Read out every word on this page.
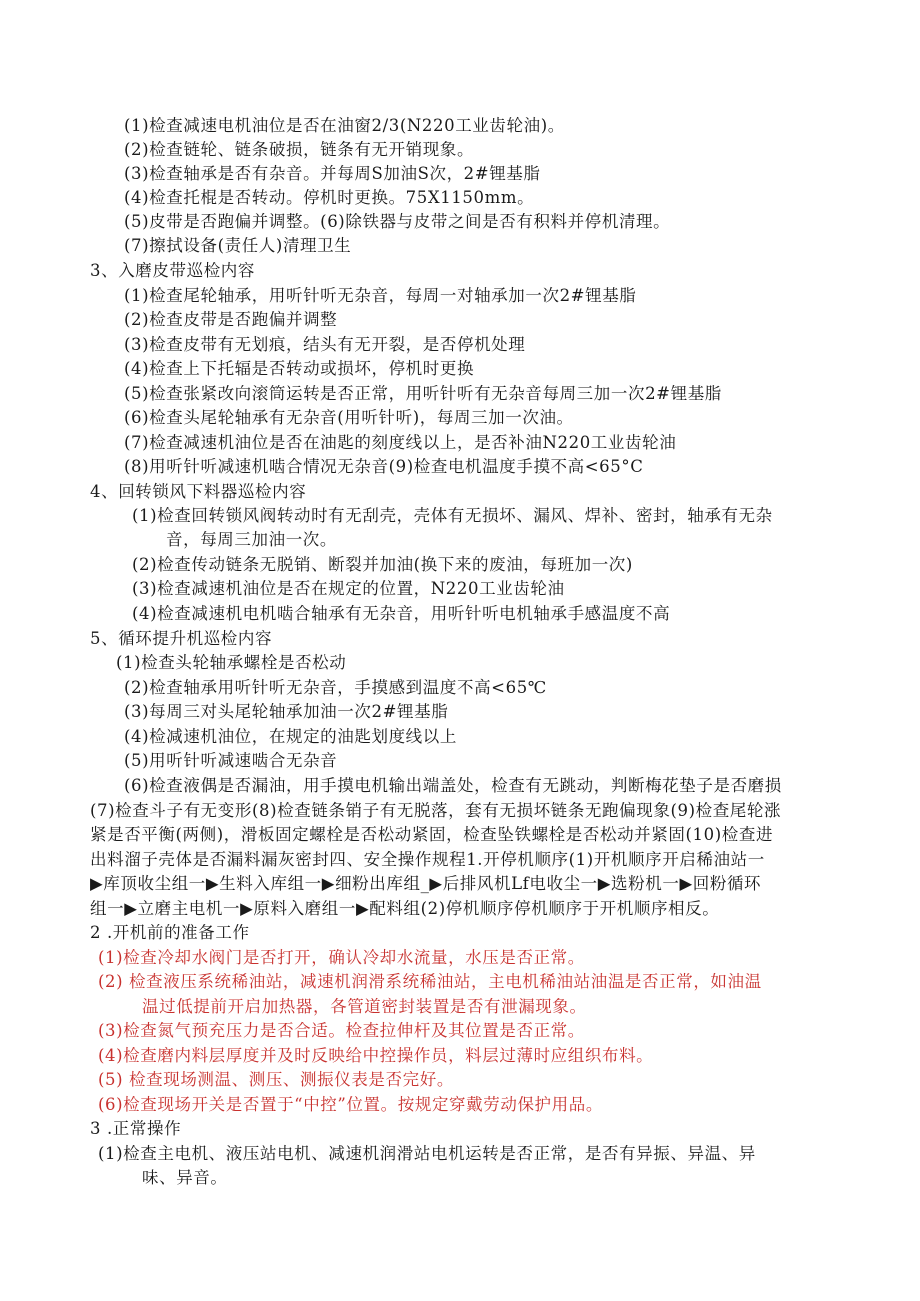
(1)检查减速电机油位是否在油窗2/3(N220工业齿轮油)。
(2)检查链轮、链条破损，链条有无开销现象。
(3)检查轴承是否有杂音。并每周S加油S次，2#锂基脂
(4)检查托棍是否转动。停机时更换。75X1150mm。
(5)皮带是否跑偏并调整。(6)除铁器与皮带之间是否有积料并停机清理。
(7)擦拭设备(责任人)清理卫生
3、入磨皮带巡检内容
(1)检查尾轮轴承，用听针听无杂音，每周一对轴承加一次2#锂基脂
(2)检查皮带是否跑偏并调整
(3)检查皮带有无划痕，结头有无开裂，是否停机处理
(4)检查上下托辐是否转动或损坏，停机时更换
(5)检查张紧改向滚筒运转是否正常，用听针听有无杂音每周三加一次2#锂基脂
(6)检查头尾轮轴承有无杂音(用听针听)，每周三加一次油。
(7)检查减速机油位是否在油匙的刻度线以上，是否补油N220工业齿轮油
(8)用听针听减速机啮合情况无杂音(9)检查电机温度手摸不高<65°C
4、回转锁风下料器巡检内容
(1)检查回转锁风阀转动时有无刮壳，壳体有无损坏、漏风、焊补、密封，轴承有无杂
音，每周三加油一次。
(2)检查传动链条无脱销、断裂并加油(换下来的废油，每班加一次)
(3)检查减速机油位是否在规定的位置，N220工业齿轮油
(4)检查减速机电机啮合轴承有无杂音，用听针听电机轴承手感温度不高
5、循环提升机巡检内容
(1)检查头轮轴承螺栓是否松动
(2)检查轴承用听针听无杂音，手摸感到温度不高<65℃
(3)每周三对头尾轮轴承加油一次2#锂基脂
(4)检减速机油位，在规定的油匙划度线以上
(5)用听针听减速啮合无杂音
(6)检查液偶是否漏油，用手摸电机输出端盖处，检查有无跳动，判断梅花垫子是否磨损
(7)检查斗子有无变形(8)检查链条销子有无脱落，套有无损坏链条无跑偏现象(9)检查尾轮涨
紧是否平衡(两侧)，滑板固定螺栓是否松动紧固，检查坠铁螺栓是否松动并紧固(10)检查进
出料溜子壳体是否漏料漏灰密封四、安全操作规程1.开停机顺序(1)开机顺序开启稀油站一
▶库顶收尘组一▶生料入库组一▶细粉出库组_▶后排风机Lf电收尘一▶选粉机一▶回粉循环
组一▶立磨主电机一▶原料入磨组一▶配料组(2)停机顺序停机顺序于开机顺序相反。
2 .开机前的准备工作
(1)检查冷却水阀门是否打开，确认冷却水流量，水压是否正常。
(2) 检查液压系统稀油站，减速机润滑系统稀油站，主电机稀油站油温是否正常，如油温
温过低提前开启加热器，各管道密封装置是否有泄漏现象。
(3)检查氮气预充压力是否合适。检查拉伸杆及其位置是否正常。
(4)检查磨内料层厚度并及时反映给中控操作员，料层过薄时应组织布料。
(5) 检查现场测温、测压、测振仪表是否完好。
(6)检查现场开关是否置于“中控”位置。按规定穿戴劳动保护用品。
3 .正常操作
(1)检查主电机、液压站电机、减速机润滑站电机运转是否正常，是否有异振、异温、异
味、异音。
